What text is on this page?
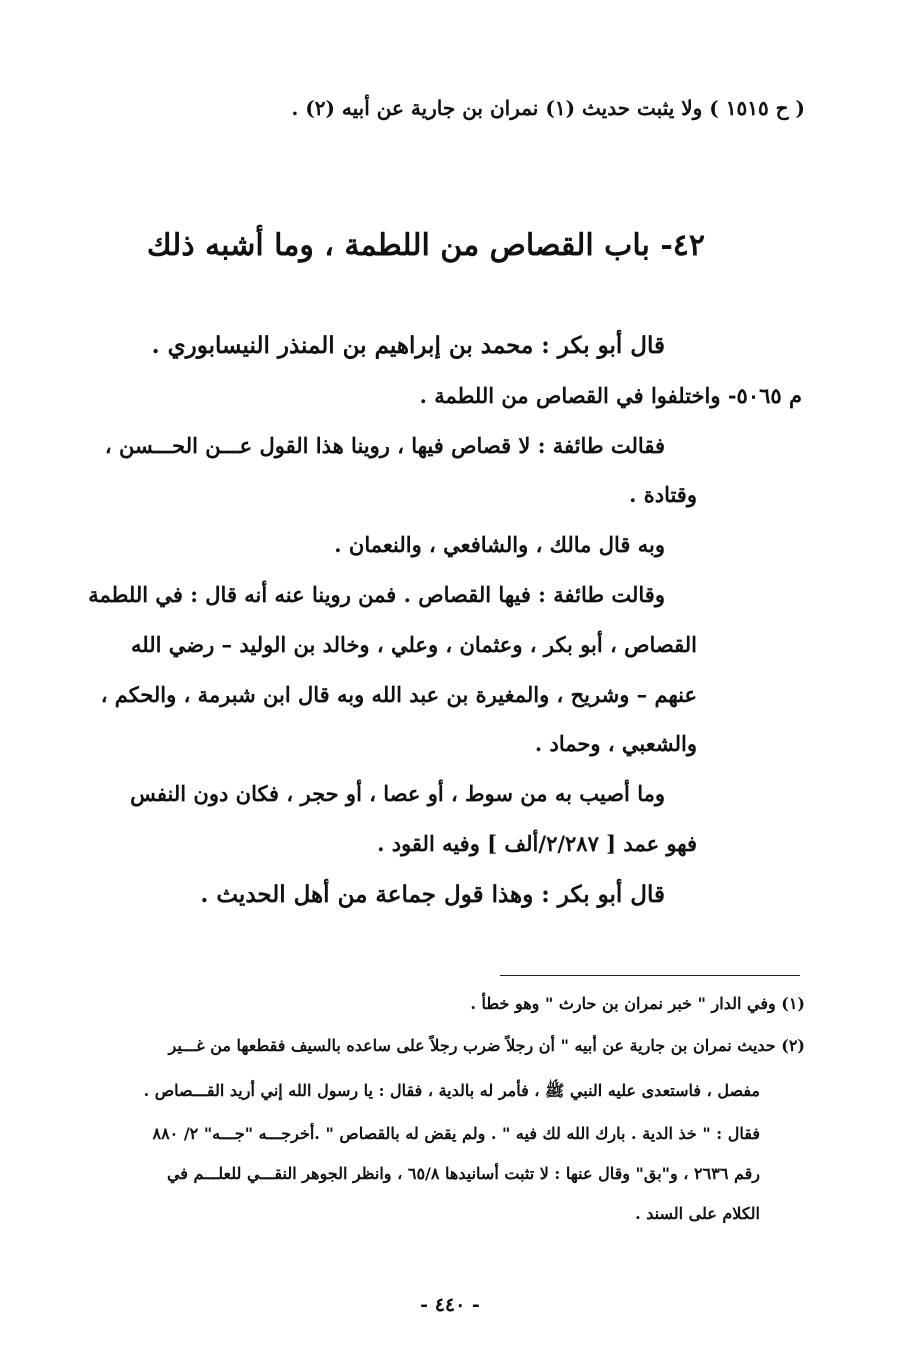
( ح ١٥١٥ ) ولا يثبت حديث (١) نمران بن جارية عن أبيه (٢) .
٤٢- باب القصاص من اللطمة ، وما أشبه ذلك
قال أبو بكر : محمد بن إبراهيم بن المنذر النيسابوري .
م ٥٠٦٥- واختلفوا في القصاص من اللطمة .
فقالت طائفة : لا قصاص فيها ، روينا هذا القول عـــن الحـــسن ،
وقتادة .
وبه قال مالك ، والشافعي ، والنعمان .
وقالت طائفة : فيها القصاص . فمن روينا عنه أنه قال : في اللطمة
القصاص ، أبو بكر ، وعثمان ، وعلي ، وخالد بن الوليد – رضي الله
عنهم – وشريح ، والمغيرة بن عبد الله وبه قال ابن شبرمة ، والحكم ،
والشعبي ، وحماد .
وما أصيب به من سوط ، أو عصا ، أو حجر ، فكان دون النفس
فهو عمد [ ٢/٢٨٧/ألف ] وفيه القود .
قال أبو بكر : وهذا قول جماعة من أهل الحديث .
(١) وفي الدار " خبر نمران بن حارث " وهو خطأ .
(٢) حديث نمران بن جارية عن أبيه " أن رجلاً ضرب رجلاً على ساعده بالسيف فقطعها من غـــير
مفصل ، فاستعدى عليه النبي ﷺ ، فأمر له بالدية ، فقال : يا رسول الله إني أريد القـــصاص .
فقال : " خذ الدية . بارك الله لك فيه " . ولم يقض له بالقصاص " .أخرجـــه "جـــه" ٢/ ٨٨٠
رقم ٢٦٣٦ ، و"بق" وقال عنها : لا تثبت أسانيدها ٦٥/٨ ، وانظر الجوهر النقـــي للعلـــم في
الكلام على السند .
- ٤٤٠ -
